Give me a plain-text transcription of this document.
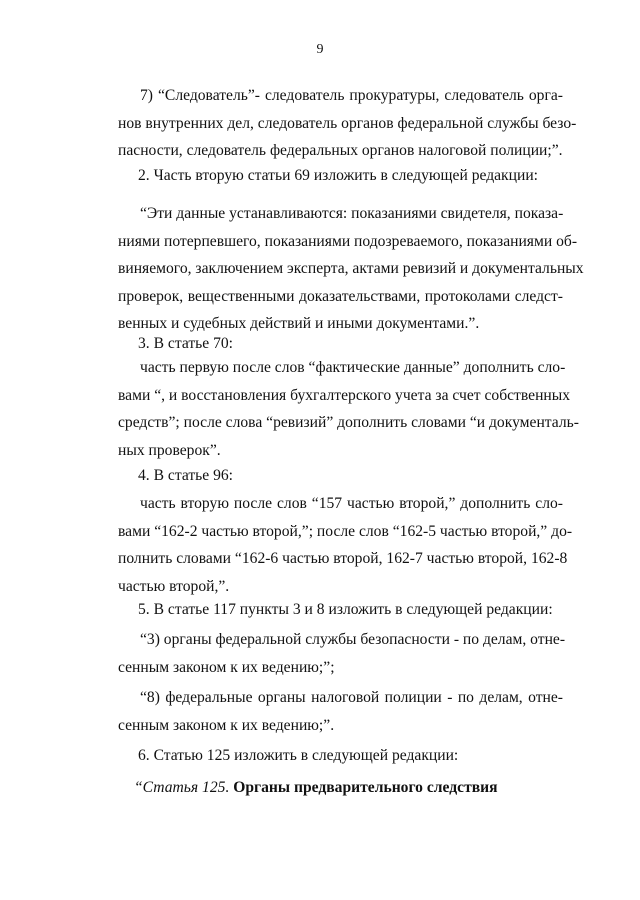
9
7) “Следователь”- следователь прокуратуры, следователь орга-
нов внутренних дел, следователь органов федеральной службы безо-
пасности, следователь федеральных органов налоговой полиции;”.
2. Часть вторую статьи 69 изложить в следующей редакции:
“Эти данные устанавливаются: показаниями свидетеля, показа-
ниями потерпевшего, показаниями подозреваемого, показаниями об-
виняемого, заключением эксперта, актами ревизий и документальных
проверок, вещественными доказательствами, протоколами следст-
венных и судебных действий и иными документами.”.
3. В статье 70:
часть первую после слов “фактические данные” дополнить сло-
вами “, и восстановления бухгалтерского учета за счет собственных
средств”; после слова “ревизий” дополнить словами “и документаль-
ных проверок”.
4. В статье 96:
часть вторую после слов “157 частью второй,” дополнить сло-
вами “162-2 частью второй,”; после слов “162-5 частью второй,” до-
полнить словами “162-6 частью второй, 162-7 частью второй, 162-8
частью второй,”.
5. В статье 117 пункты 3 и 8 изложить в следующей редакции:
“3) органы федеральной службы безопасности - по делам, отне-
сенным законом к их ведению;”;
“8) федеральные органы налоговой полиции - по делам, отне-
сенным законом к их ведению;”.
6. Статью 125 изложить в следующей редакции:
“Статья 125. Органы предварительного следствия
